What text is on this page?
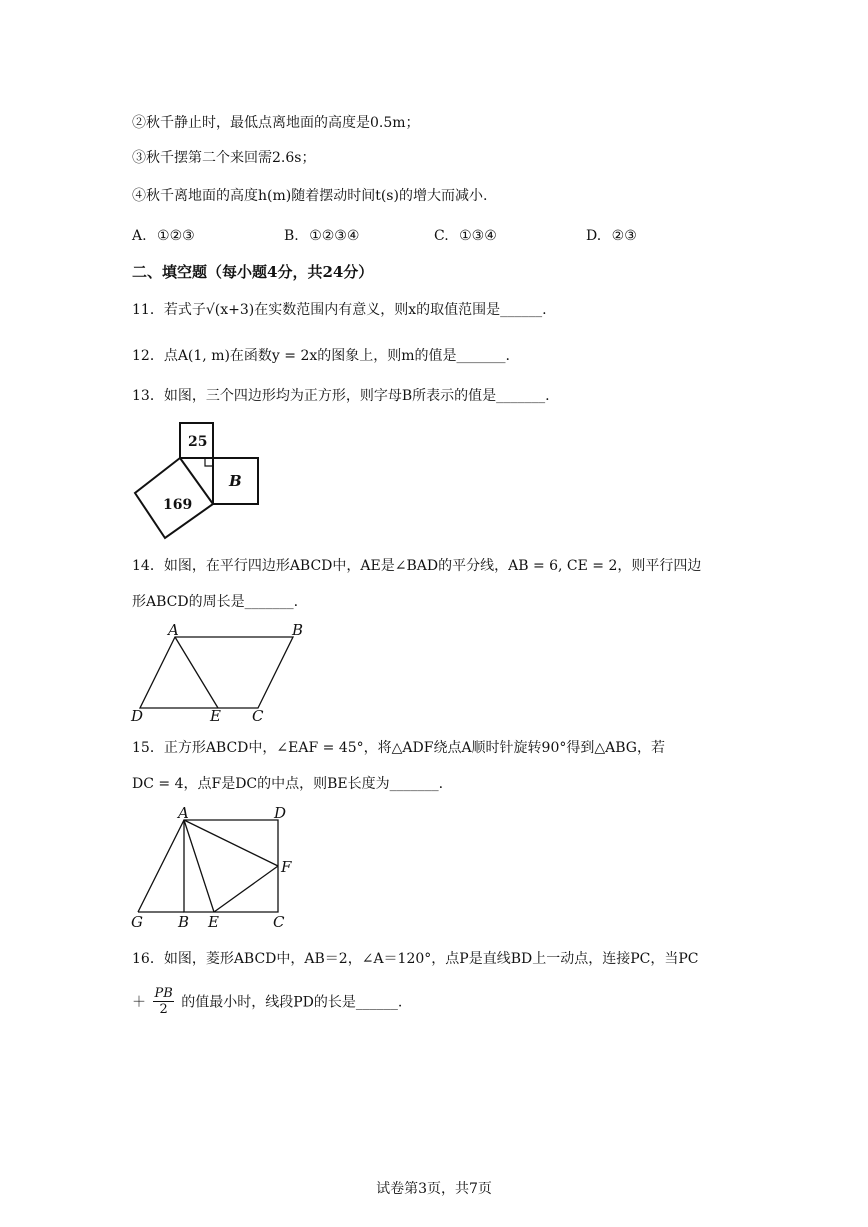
②秋千静止时，最低点离地面的高度是0.5m；
③秋千摆第二个来回需2.6s；
④秋千离地面的高度h(m)随着摆动时间t(s)的增大而减小.
A. ①②③	B. ①②③④	C. ①③④	D. ②③
二、填空题（每小题4分，共24分）
11．若式子√(x+3)在实数范围内有意义，则x的取值范围是______.
12．点A(1, m)在函数y = 2x的图象上，则m的值是_______.
13．如图，三个四边形均为正方形，则字母B所表示的值是_______.
25
B
169
14．如图，在平行四边形ABCD中，AE是∠BAD的平分线，AB = 6, CE = 2，则平行四边
形ABCD的周长是_______.
A	B
D	E C
15．正方形ABCD中，∠EAF = 45°，将△ADF绕点A顺时针旋转90°得到△ABG，若
DC = 4，点F是DC的中点，则BE长度为_______.
A	D
F
G B E	C
16．如图，菱形ABCD中，AB＝2，∠A＝120°，点P是直线BD上一动点，连接PC，当PC
＋ $\frac{PB}{2}$ 的值最小时，线段PD的长是______.
试卷第3页，共7页
